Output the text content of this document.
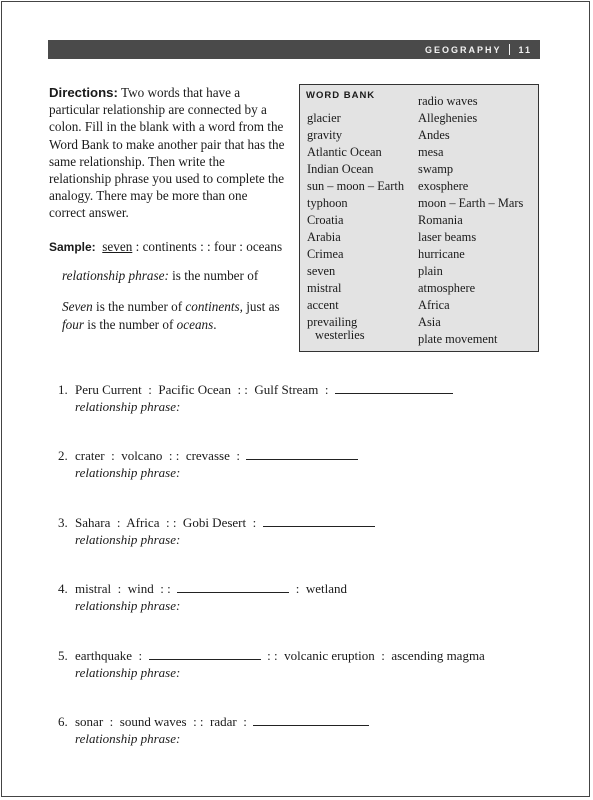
GEOGRAPHY 11
Directions: Two words that have a particular relationship are connected by a colon. Fill in the blank with a word from the Word Bank to make another pair that has the same relationship. Then write the relationship phrase you used to complete the analogy. There may be more than one correct answer.
Sample: seven : continents : : four : oceans
relationship phrase: is the number of
Seven is the number of continents, just as
four is the number of oceans.
WORD BANK
glacier
gravity
Atlantic Ocean
Indian Ocean
sun – moon – Earth
typhoon
Croatia
Arabia
Crimea
seven
mistral
accent
prevailing
westerlies
radio waves
Alleghenies
Andes
mesa
swamp
exosphere
moon – Earth – Mars
Romania
laser beams
hurricane
plain
atmosphere
Africa
Asia
plate movement
1. Peru Current  :  Pacific Ocean  : :  Gulf Stream  :
relationship phrase:
2. crater  :  volcano  : :  crevasse  :
relationship phrase:
3. Sahara  :  Africa  : :  Gobi Desert  :
relationship phrase:
4. mistral  :  wind  : :	:  wetland
relationship phrase:
5. earthquake  :	: :  volcanic eruption  :  ascending magma
relationship phrase:
6. sonar  :  sound waves  : :  radar  :
relationship phrase:
